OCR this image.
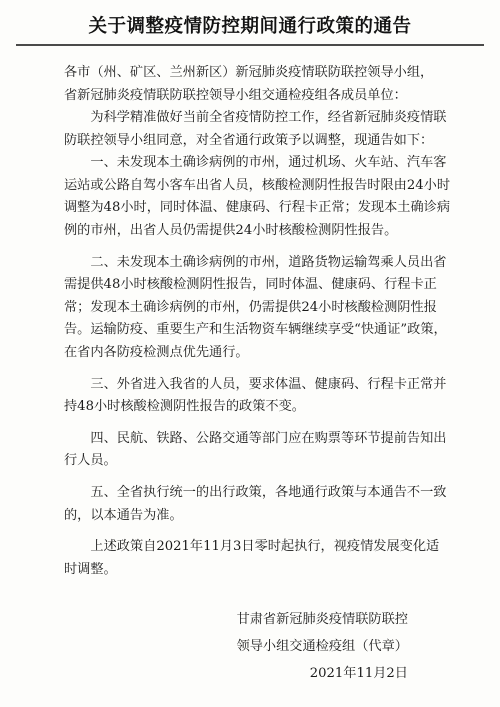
关于调整疫情防控期间通行政策的通告

各市（州、矿区、兰州新区）新冠肺炎疫情联防联控领导小组，

省新冠肺炎疫情联防联控领导小组交通检疫组各成员单位：

为科学精准做好当前全省疫情防控工作，经省新冠肺炎疫情联防联控领导小组同意，对全省通行政策予以调整，现通告如下：

一、未发现本土确诊病例的市州，通过机场、火车站、汽车客运站或公路自驾小客车出省人员，核酸检测阴性报告时限由24小时调整为48小时，同时体温、健康码、行程卡正常；发现本土确诊病例的市州，出省人员仍需提供24小时核酸检测阴性报告。

二、未发现本土确诊病例的市州，道路货物运输驾乘人员出省需提供48小时核酸检测阴性报告，同时体温、健康码、行程卡正常；发现本土确诊病例的市州，仍需提供24小时核酸检测阴性报告。运输防疫、重要生产和生活物资车辆继续享受“快通证”政策，在省内各防疫检测点优先通行。

三、外省进入我省的人员，要求体温、健康码、行程卡正常并持48小时核酸检测阴性报告的政策不变。

四、民航、铁路、公路交通等部门应在购票等环节提前告知出行人员。

五、全省执行统一的出行政策，各地通行政策与本通告不一致的，以本通告为准。

上述政策自2021年11月3日零时起执行，视疫情发展变化适时调整。

甘肃省新冠肺炎疫情联防联控
领导小组交通检疫组（代章）
2021年11月2日
